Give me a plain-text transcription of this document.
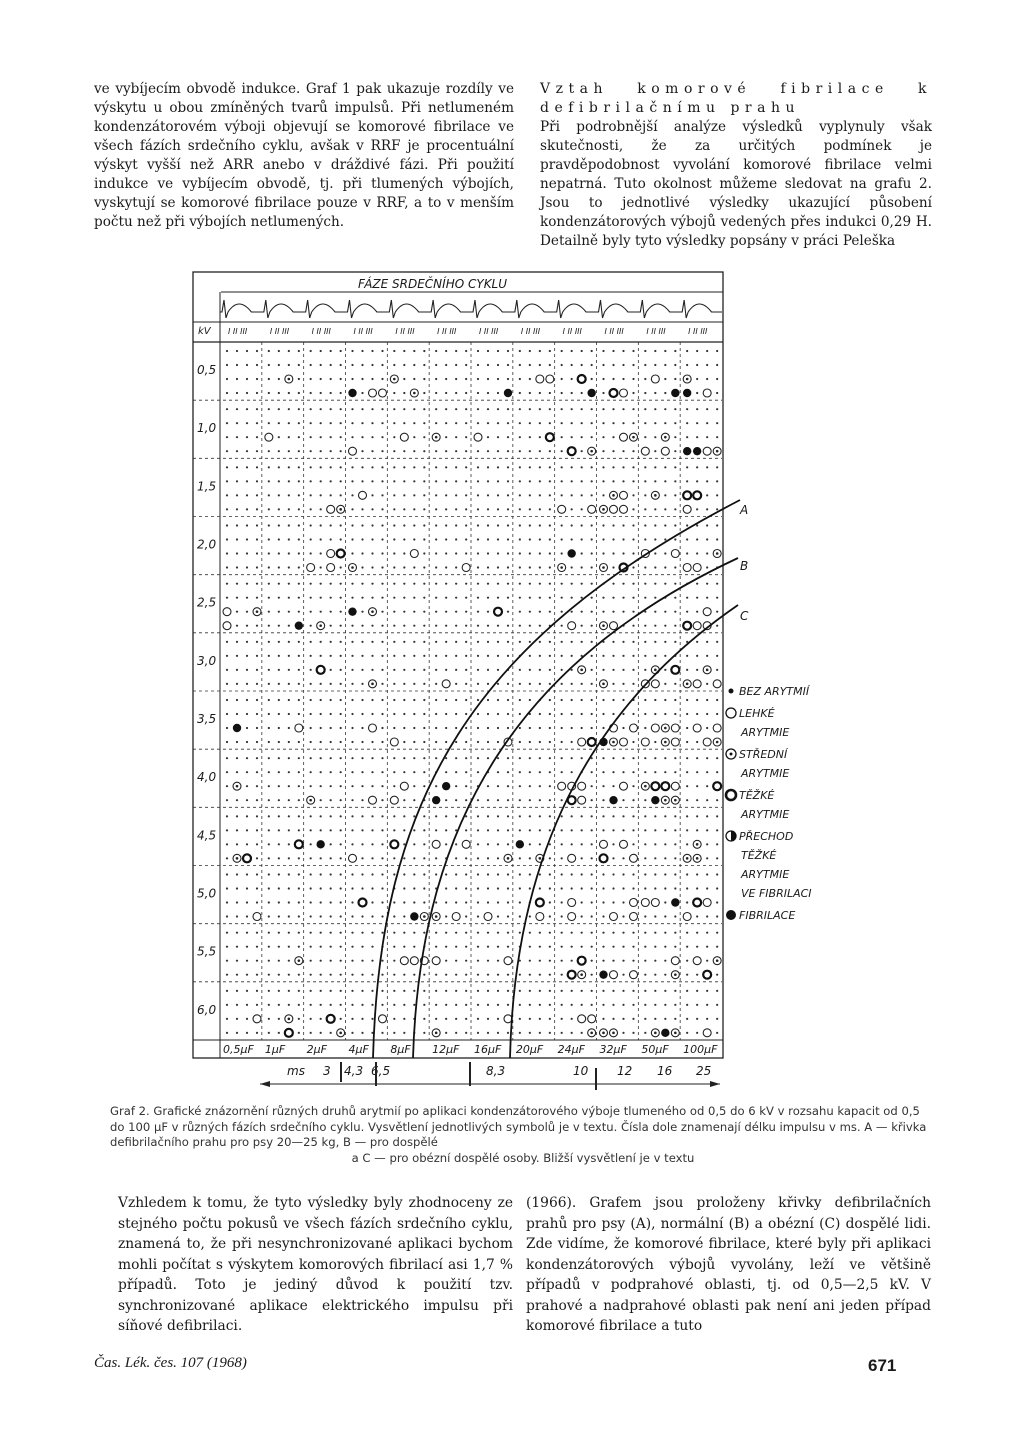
ve vybíjecím obvodě indukce. Graf 1 pak ukazuje rozdíly ve výskytu u obou zmíněných tvarů impulsů. Při netlumeném kondenzátorovém výboji objevují se komorové fibrilace ve všech fázích srdečního cyklu, avšak v RRF je procentuální výskyt vyšší než ARR anebo v dráždivé fázi. Při použití indukce ve vybíjecím obvodě, tj. při tlumených výbojích, vyskytují se komorové fibrilace pouze v RRF, a to v menším počtu než při výbojích netlumených.

Vztah komorové fibrilace k defibrilačnímu prahu

Při podrobnější analýze výsledků vyplynuly však skutečnosti, že za určitých podmínek je pravděpodobnost vyvolání komorové fibrilace velmi nepatrná. Tuto okolnost můžeme sledovat na grafu 2. Jsou to jednotlivé výsledky ukazující působení kondenzátorových výbojů vedených přes indukci 0,29 H. Detailně byly tyto výsledky popsány v práci Peleška

FÁZE SRDEČNÍHO CYKLU
kV I II III	I II III	I II III	I II III	I II III	I II III	I II III	I II III	I II III	I II III	I II III	I II III
0,5
1,0
1,5
2,0
2,5
3,0
3,5
4,0
4,5
5,0
5,5
6,0
0,5µF 1µF 2µF 4µF 8µF 12µF 16µF 20µF 24µF 32µF 50µF 100µF
ms 3 4,3 6,5	8,3	10 12 16 25
A
B
C
BEZ ARYTMIÍ
LEHKÉ
ARYTMIE
STŘEDNÍ
ARYTMIE
TĚŽKÉ
ARYTMIE
PŘECHOD
TĚŽKÉ
ARYTMIE
VE FIBRILACI
FIBRILACE
Graf 2. Grafické znázornění různých druhů arytmií po aplikaci kondenzátorového výboje tlumeného od 0,5 do 6 kV v rozsahu kapacit od 0,5 do 100 µF v různých fázích srdečního cyklu. Vysvětlení jednotlivých symbolů je v textu. Čísla dole znamenají délku impulsu v ms. A — křivka defibrilačního prahu pro psy 20—25 kg, B — pro dospělé
a C — pro obézní dospělé osoby. Bližší vysvětlení je v textu

Vzhledem k tomu, že tyto výsledky byly zhodnoceny ze stejného počtu pokusů ve všech fázích srdečního cyklu, znamená to, že při nesynchronizované aplikaci bychom mohli počítat s výskytem komorových fibrilací asi 1,7 % případů. Toto je jediný důvod k použití tzv. synchronizované aplikace elektrického impulsu při síňové defibrilaci.

(1966). Grafem jsou proloženy křivky defibrilačních prahů pro psy (A), normální (B) a obézní (C) dospělé lidi. Zde vidíme, že komorové fibrilace, které byly při aplikaci kondenzátorových výbojů vyvolány, leží ve většině případů v podprahové oblasti, tj. od 0,5—2,5 kV. V prahové a nadprahové oblasti pak není ani jeden případ komorové fibrilace a tuto

Čas. Lék. čes. 107 (1968)	671
